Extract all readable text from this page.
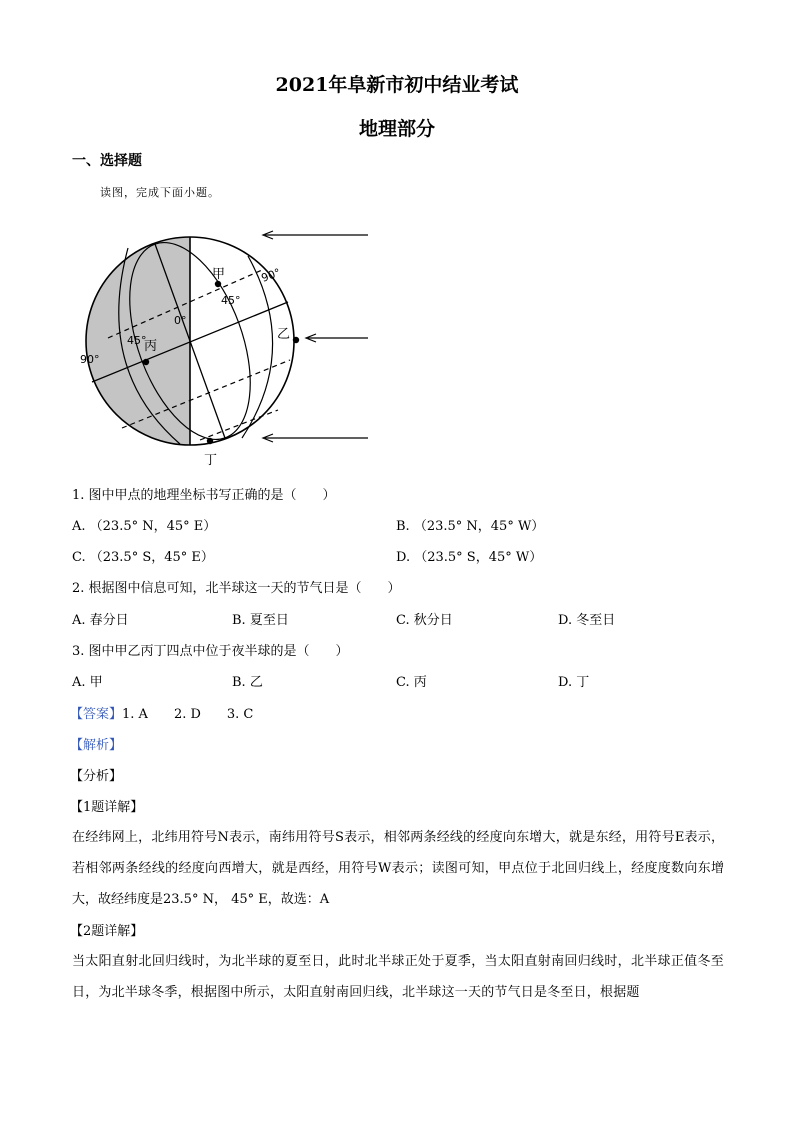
2021年阜新市初中结业考试
地理部分
一、选择题
读图，完成下面小题。
甲
乙
丙
丁
90°
45°
0°
45°
90°
1. 图中甲点的地理坐标书写正确的是（　　）
A. （23.5° N，45° E）	B. （23.5° N，45° W）
C. （23.5° S，45° E）	D. （23.5° S，45° W）
2. 根据图中信息可知，北半球这一天的节气日是（　　）
A. 春分日	B. 夏至日	C. 秋分日	D. 冬至日
3. 图中甲乙丙丁四点中位于夜半球的是（　　）
A. 甲	B. 乙	C. 丙	D. 丁
【答案】1. A　　2. D　　3. C
【解析】
【分析】
【1题详解】
在经纬网上，北纬用符号N表示，南纬用符号S表示，相邻两条经线的经度向东增大，就是东经，用符号E表示，若相邻两条经线的经度向西增大，就是西经，用符号W表示；读图可知，甲点位于北回归线上，经度度数向东增大，故经纬度是23.5° N， 45° E，故选：A
【2题详解】
当太阳直射北回归线时，为北半球的夏至日，此时北半球正处于夏季，当太阳直射南回归线时，北半球正值冬至日，为北半球冬季，根据图中所示，太阳直射南回归线，北半球这一天的节气日是冬至日，根据题
